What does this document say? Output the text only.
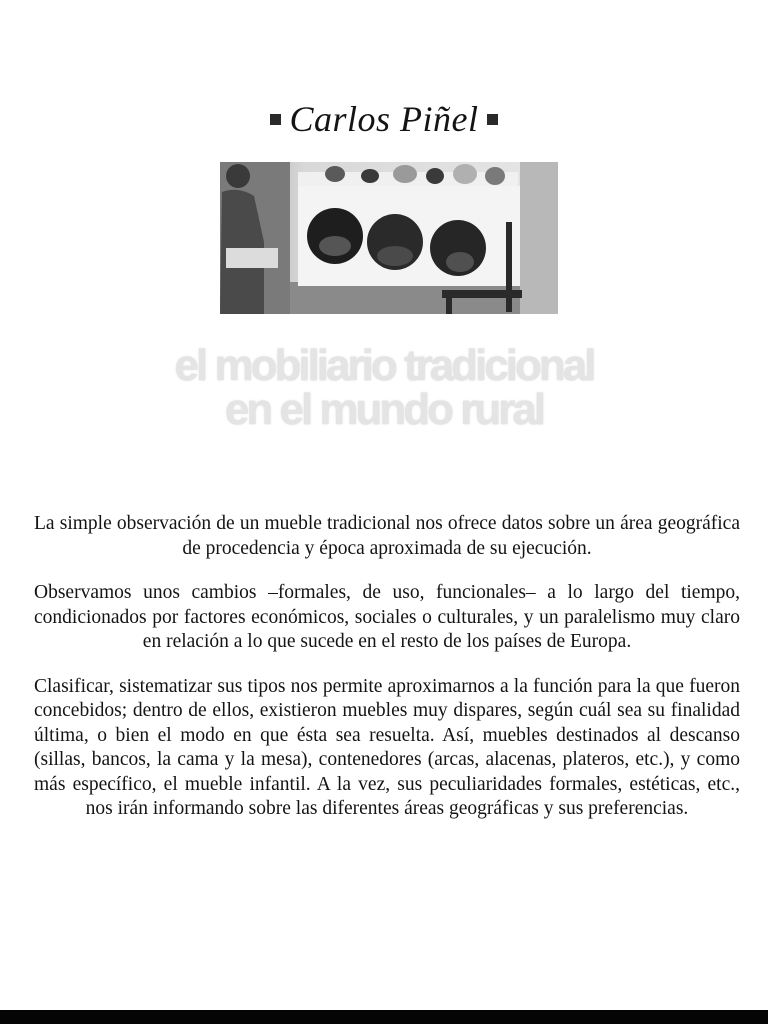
Carlos Piñel
el mobiliario tradicional
en el mundo rural

La simple observación de un mueble tradicional nos ofrece datos sobre un área geográfica de procedencia y época aproximada de su ejecución.

Observamos unos cambios –formales, de uso, funcionales– a lo largo del tiempo, condicionados por factores económicos, sociales o culturales, y un paralelismo muy claro en relación a lo que sucede en el resto de los países de Europa.

Clasificar, sistematizar sus tipos nos permite aproximarnos a la función para la que fueron concebidos; dentro de ellos, existieron muebles muy dispares, según cuál sea su finalidad última, o bien el modo en que ésta sea resuelta. Así, muebles destinados al descanso (sillas, bancos, la cama y la mesa), contenedores (arcas, alacenas, plateros, etc.), y como más específico, el mueble infantil. A la vez, sus peculiaridades formales, estéticas, etc., nos irán informando sobre las diferentes áreas geográficas y sus preferencias.
